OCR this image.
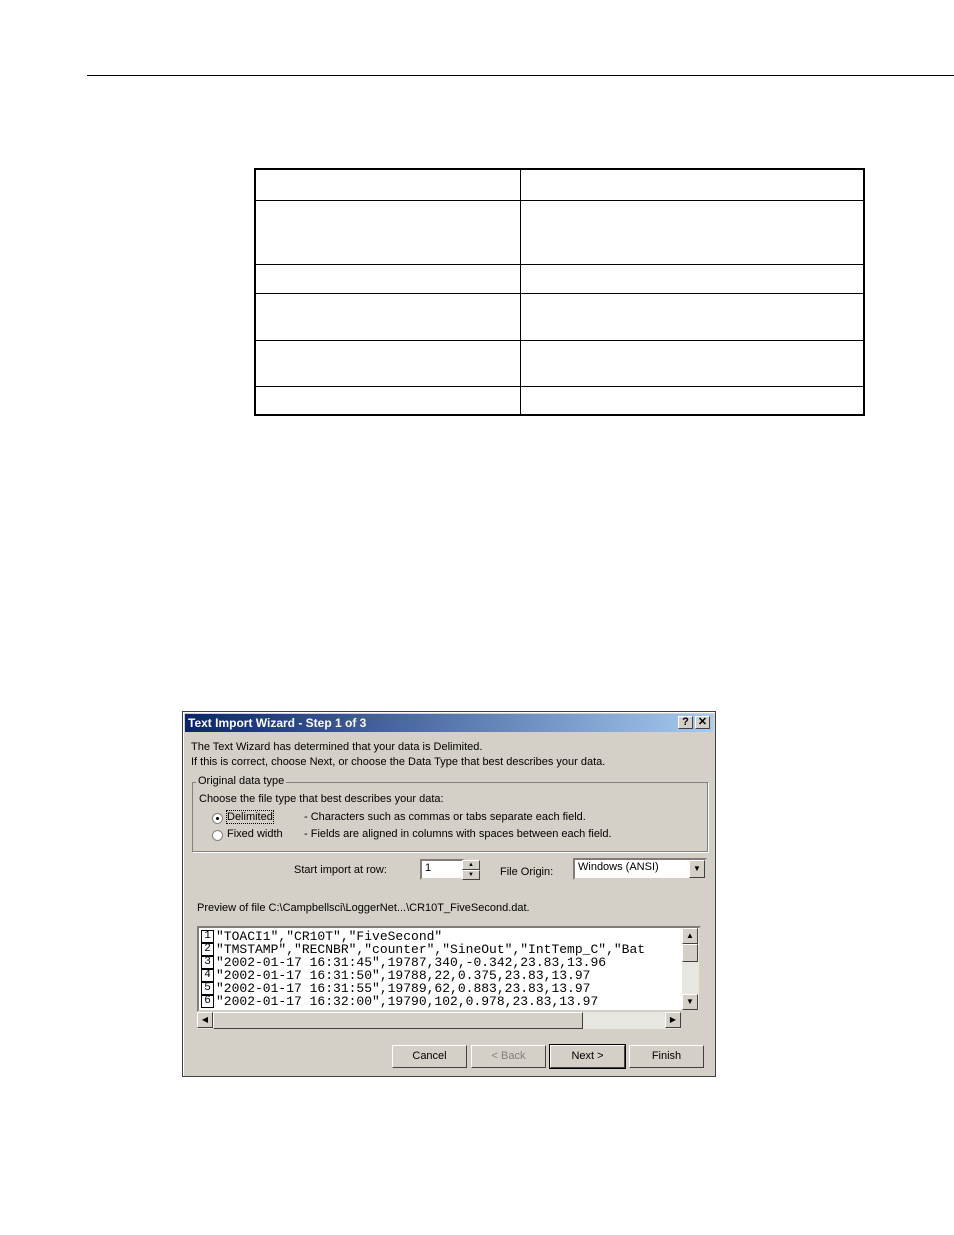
Text Import Wizard - Step 1 of 3	? ✕
The Text Wizard has determined that your data is Delimited.
If this is correct, choose Next, or choose the Data Type that best describes your data.
Original data type
Choose the file type that best describes your data:
Delimited	- Characters such as commas or tabs separate each field.
Fixed width - Fields are aligned in columns with spaces between each field.
Start import at row:	1	▲
▼	File Origin:	Windows (ANSI)	▼
Preview of file C:\Campbellsci\LoggerNet...\CR10T_FiveSecond.dat.
1 "TOACI1","CR10T","FiveSecond"
2 "TMSTAMP","RECNBR","counter","SineOut","IntTemp_C","Bat
3 "2002-01-17 16:31:45",19787,340,-0.342,23.83,13.96
4 "2002-01-17 16:31:50",19788,22,0.375,23.83,13.97
5 "2002-01-17 16:31:55",19789,62,0.883,23.83,13.97
6 "2002-01-17 16:32:00",19790,102,0.978,23.83,13.97
▲
▼
◀	▶
Cancel	< Back	Next >	Finish
